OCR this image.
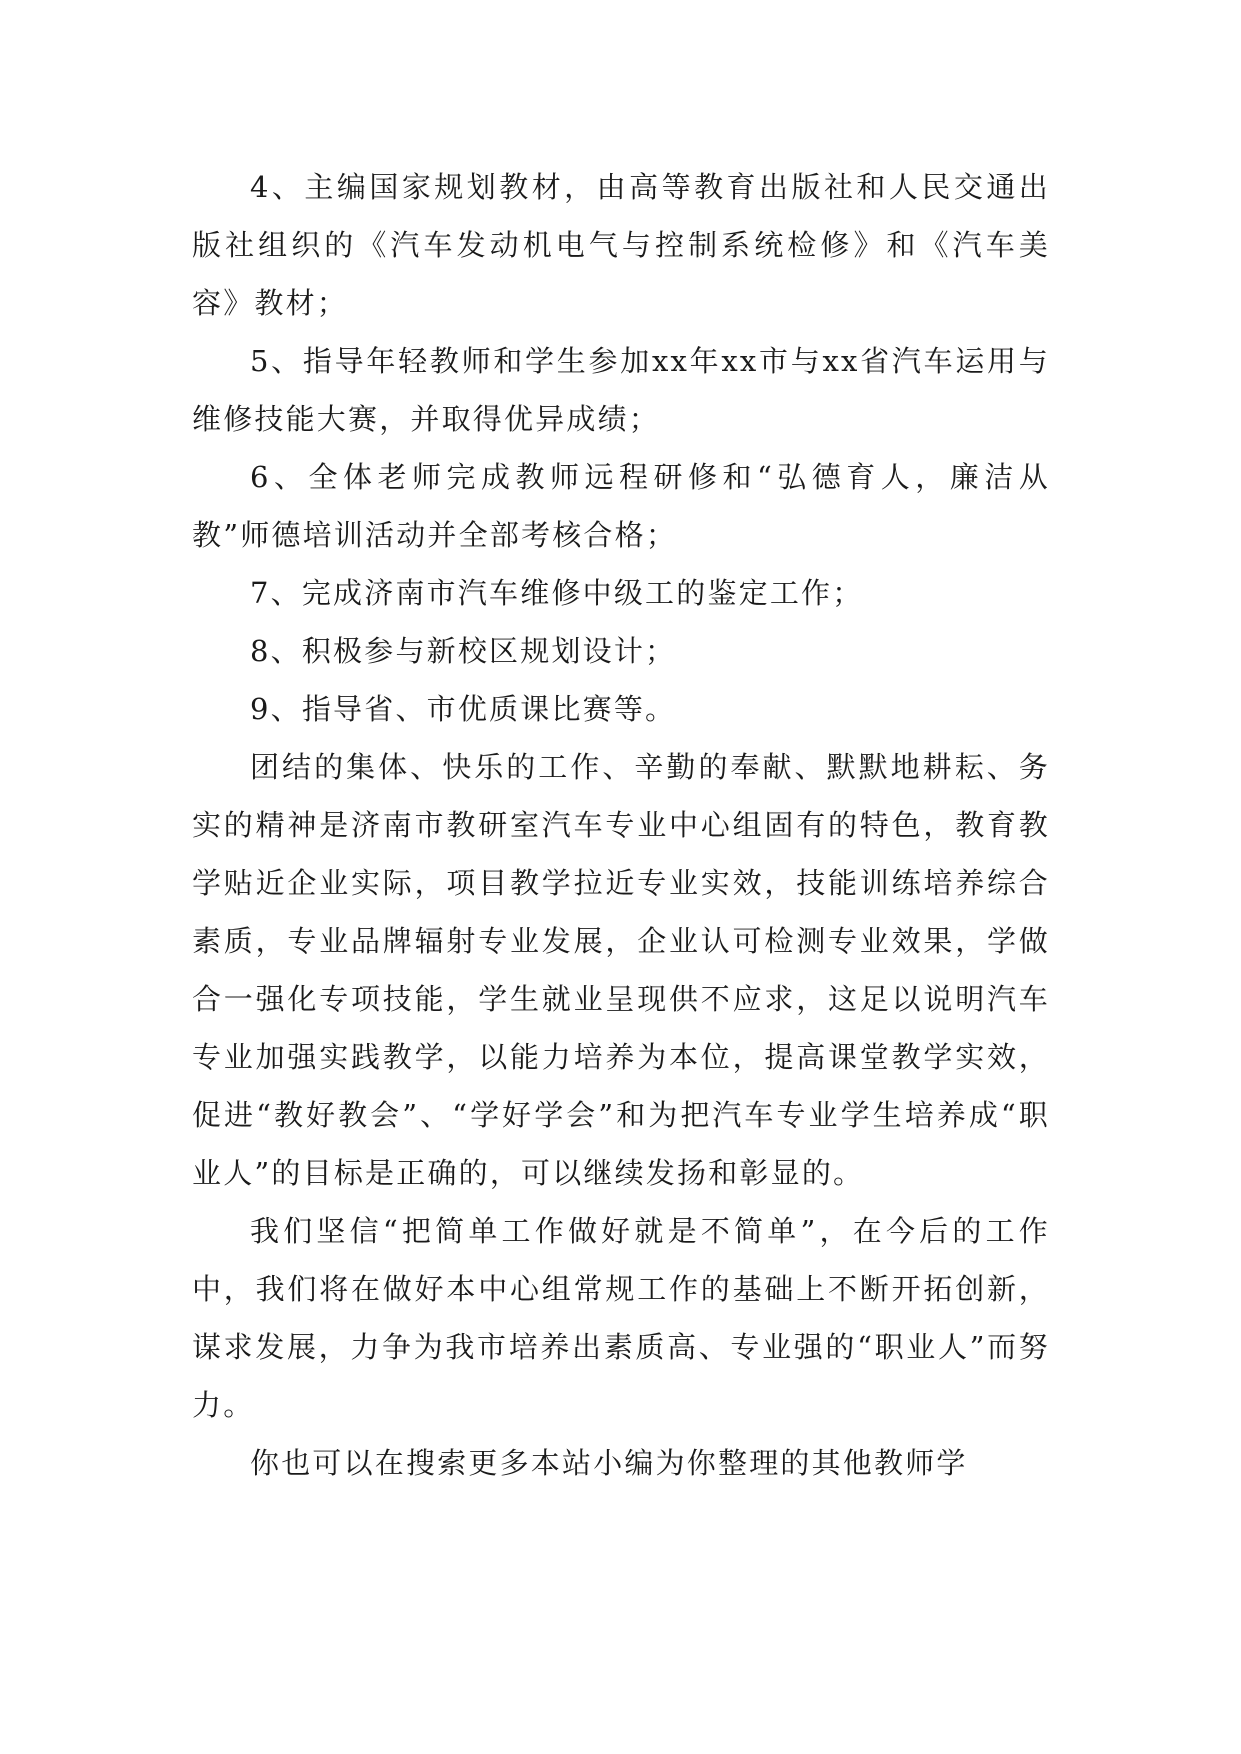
4、主编国家规划教材，由高等教育出版社和人民交通出版社组织的《汽车发动机电气与控制系统检修》和《汽车美容》教材；

5、指导年轻教师和学生参加xx年xx市与xx省汽车运用与维修技能大赛，并取得优异成绩；

6、全体老师完成教师远程研修和“弘德育人，廉洁从教”师德培训活动并全部考核合格；

7、完成济南市汽车维修中级工的鉴定工作；

8、积极参与新校区规划设计；

9、指导省、市优质课比赛等。

团结的集体、快乐的工作、辛勤的奉献、默默地耕耘、务实的精神是济南市教研室汽车专业中心组固有的特色，教育教学贴近企业实际，项目教学拉近专业实效，技能训练培养综合素质，专业品牌辐射专业发展，企业认可检测专业效果，学做合一强化专项技能，学生就业呈现供不应求，这足以说明汽车专业加强实践教学，以能力培养为本位，提高课堂教学实效，促进“教好教会”、“学好学会”和为把汽车专业学生培养成“职业人”的目标是正确的，可以继续发扬和彰显的。

我们坚信“把简单工作做好就是不简单”，在今后的工作中，我们将在做好本中心组常规工作的基础上不断开拓创新，谋求发展，力争为我市培养出素质高、专业强的“职业人”而努力。

你也可以在搜索更多本站小编为你整理的其他教师学
